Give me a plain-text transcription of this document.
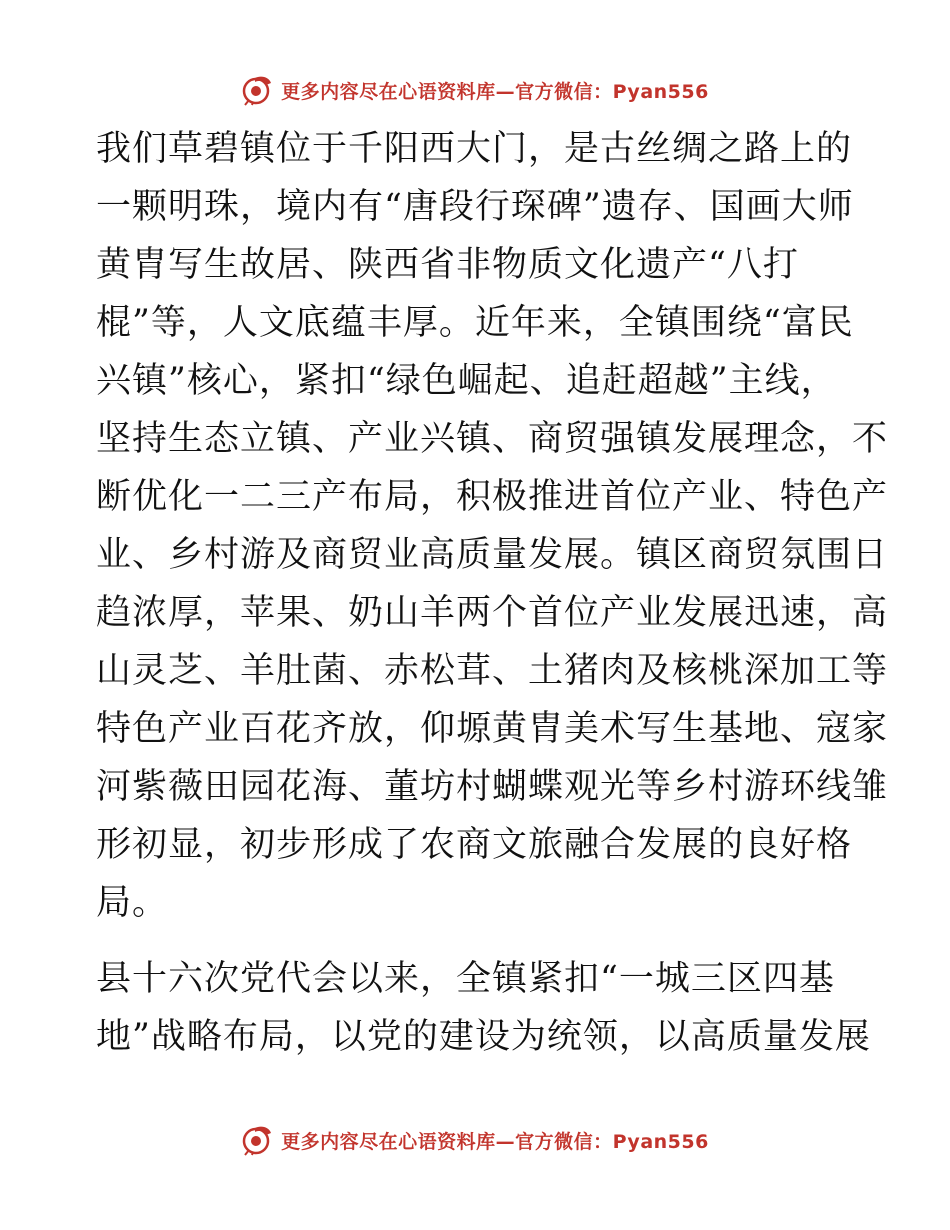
更多内容尽在心语资料库—官方微信：Pyan556

我们草碧镇位于千阳西大门，是古丝绸之路上的
一颗明珠，境内有“唐段行琛碑”遗存、国画大师
黄胄写生故居、陕西省非物质文化遗产“八打
棍”等，人文底蕴丰厚。近年来，全镇围绕“富民
兴镇”核心，紧扣“绿色崛起、追赶超越”主线，
坚持生态立镇、产业兴镇、商贸强镇发展理念，不
断优化一二三产布局，积极推进首位产业、特色产
业、乡村游及商贸业高质量发展。镇区商贸氛围日
趋浓厚，苹果、奶山羊两个首位产业发展迅速，高
山灵芝、羊肚菌、赤松茸、土猪肉及核桃深加工等
特色产业百花齐放，仰塬黄胄美术写生基地、寇家
河紫薇田园花海、董坊村蝴蝶观光等乡村游环线雏
形初显，初步形成了农商文旅融合发展的良好格
局。

县十六次党代会以来，全镇紧扣“一城三区四基
地”战略布局，以党的建设为统领，以高质量发展

更多内容尽在心语资料库—官方微信：Pyan556
